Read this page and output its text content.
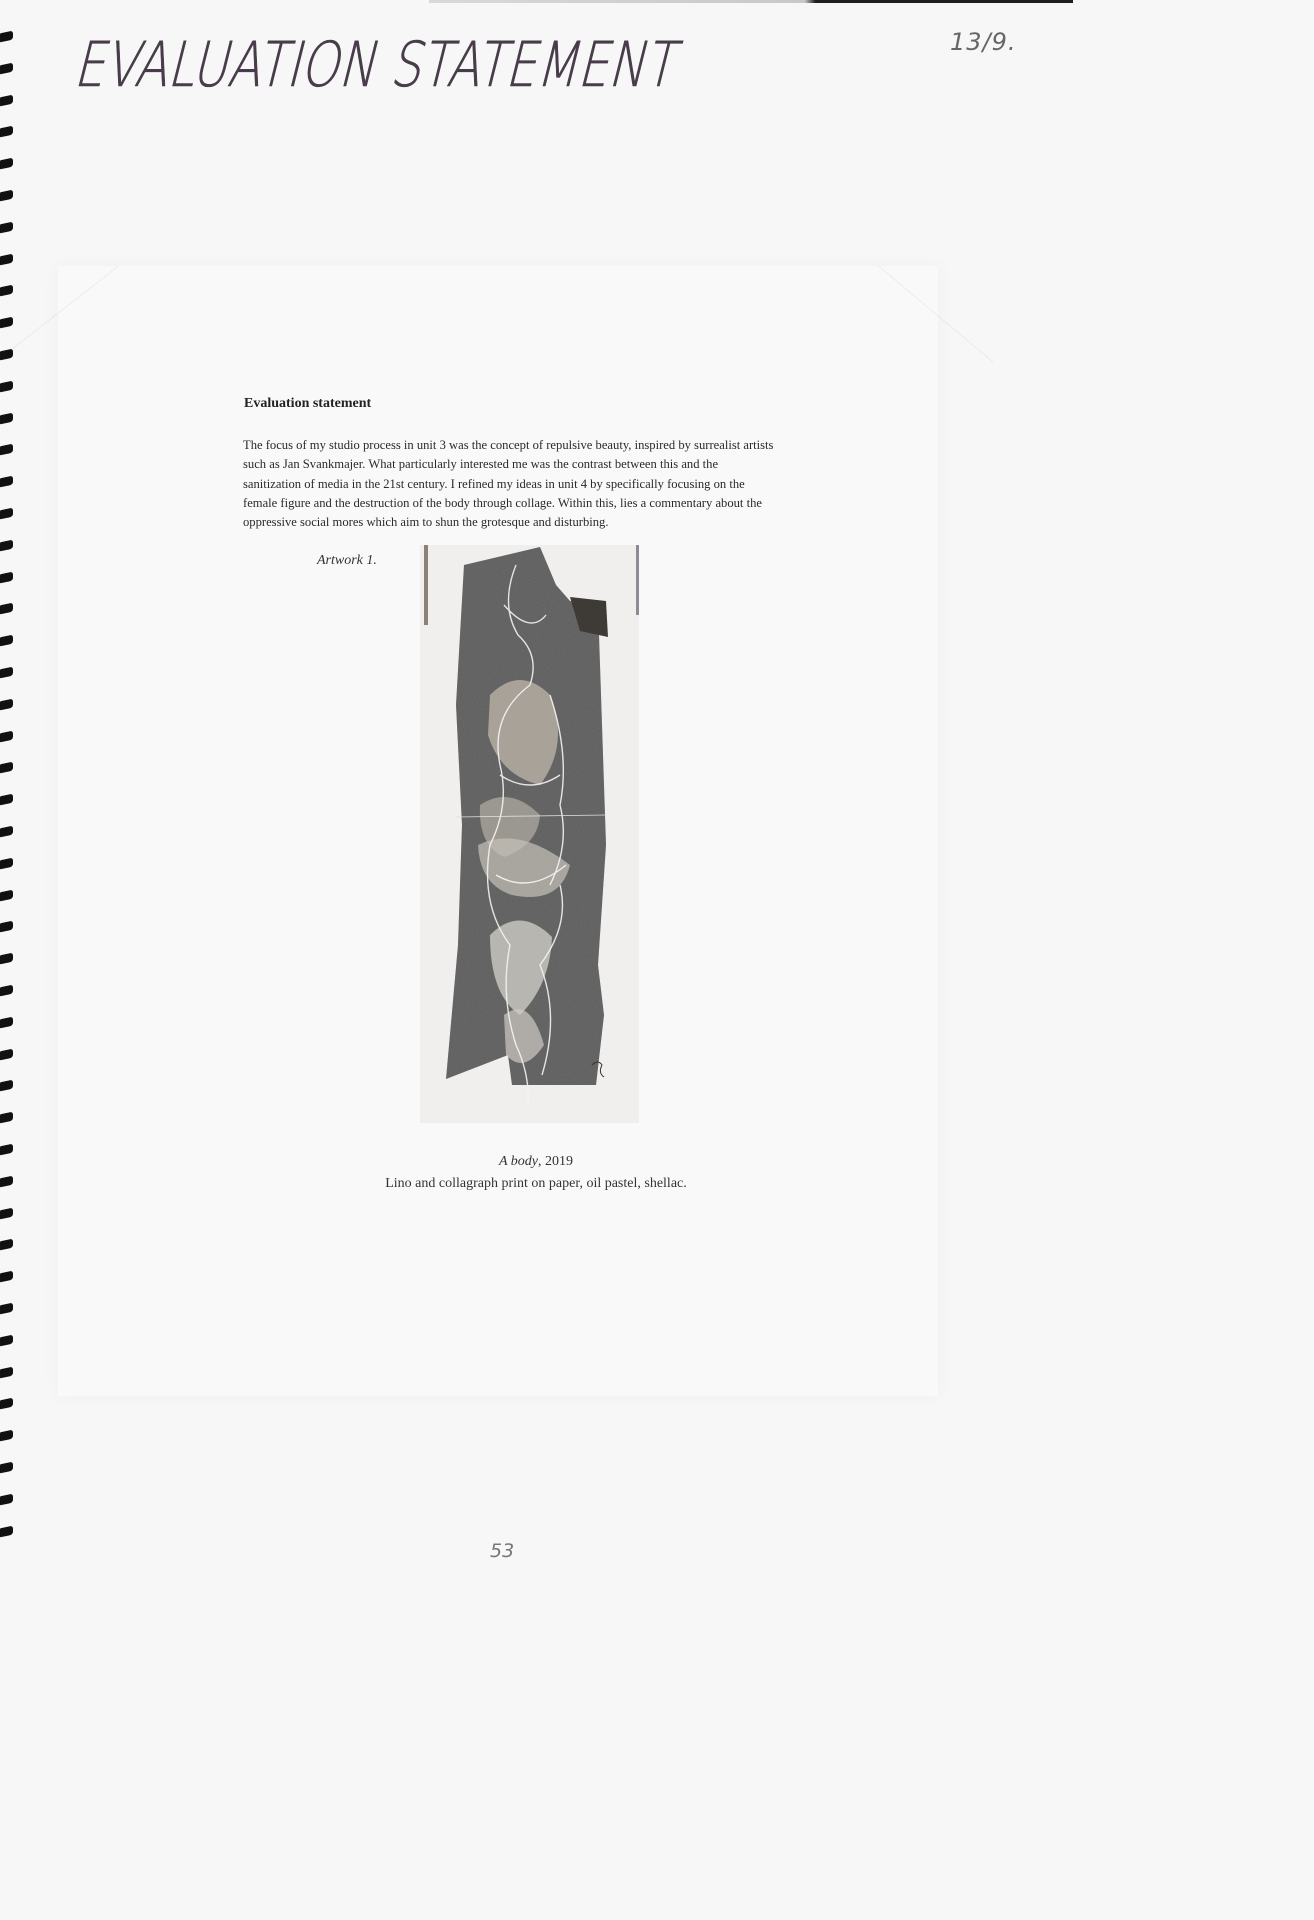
EVALUATION STATEMENT	13/9.
Evaluation statement
The focus of my studio process in unit 3 was the concept of repulsive beauty, inspired by surrealist artists
such as Jan Svankmajer. What particularly interested me was the contrast between this and the
sanitization of media in the 21st century. I refined my ideas in unit 4 by specifically focusing on the
female figure and the destruction of the body through collage. Within this, lies a commentary about the
oppressive social mores which aim to shun the grotesque and disturbing.
Artwork 1.
A body, 2019
Lino and collagraph print on paper, oil pastel, shellac.
53
